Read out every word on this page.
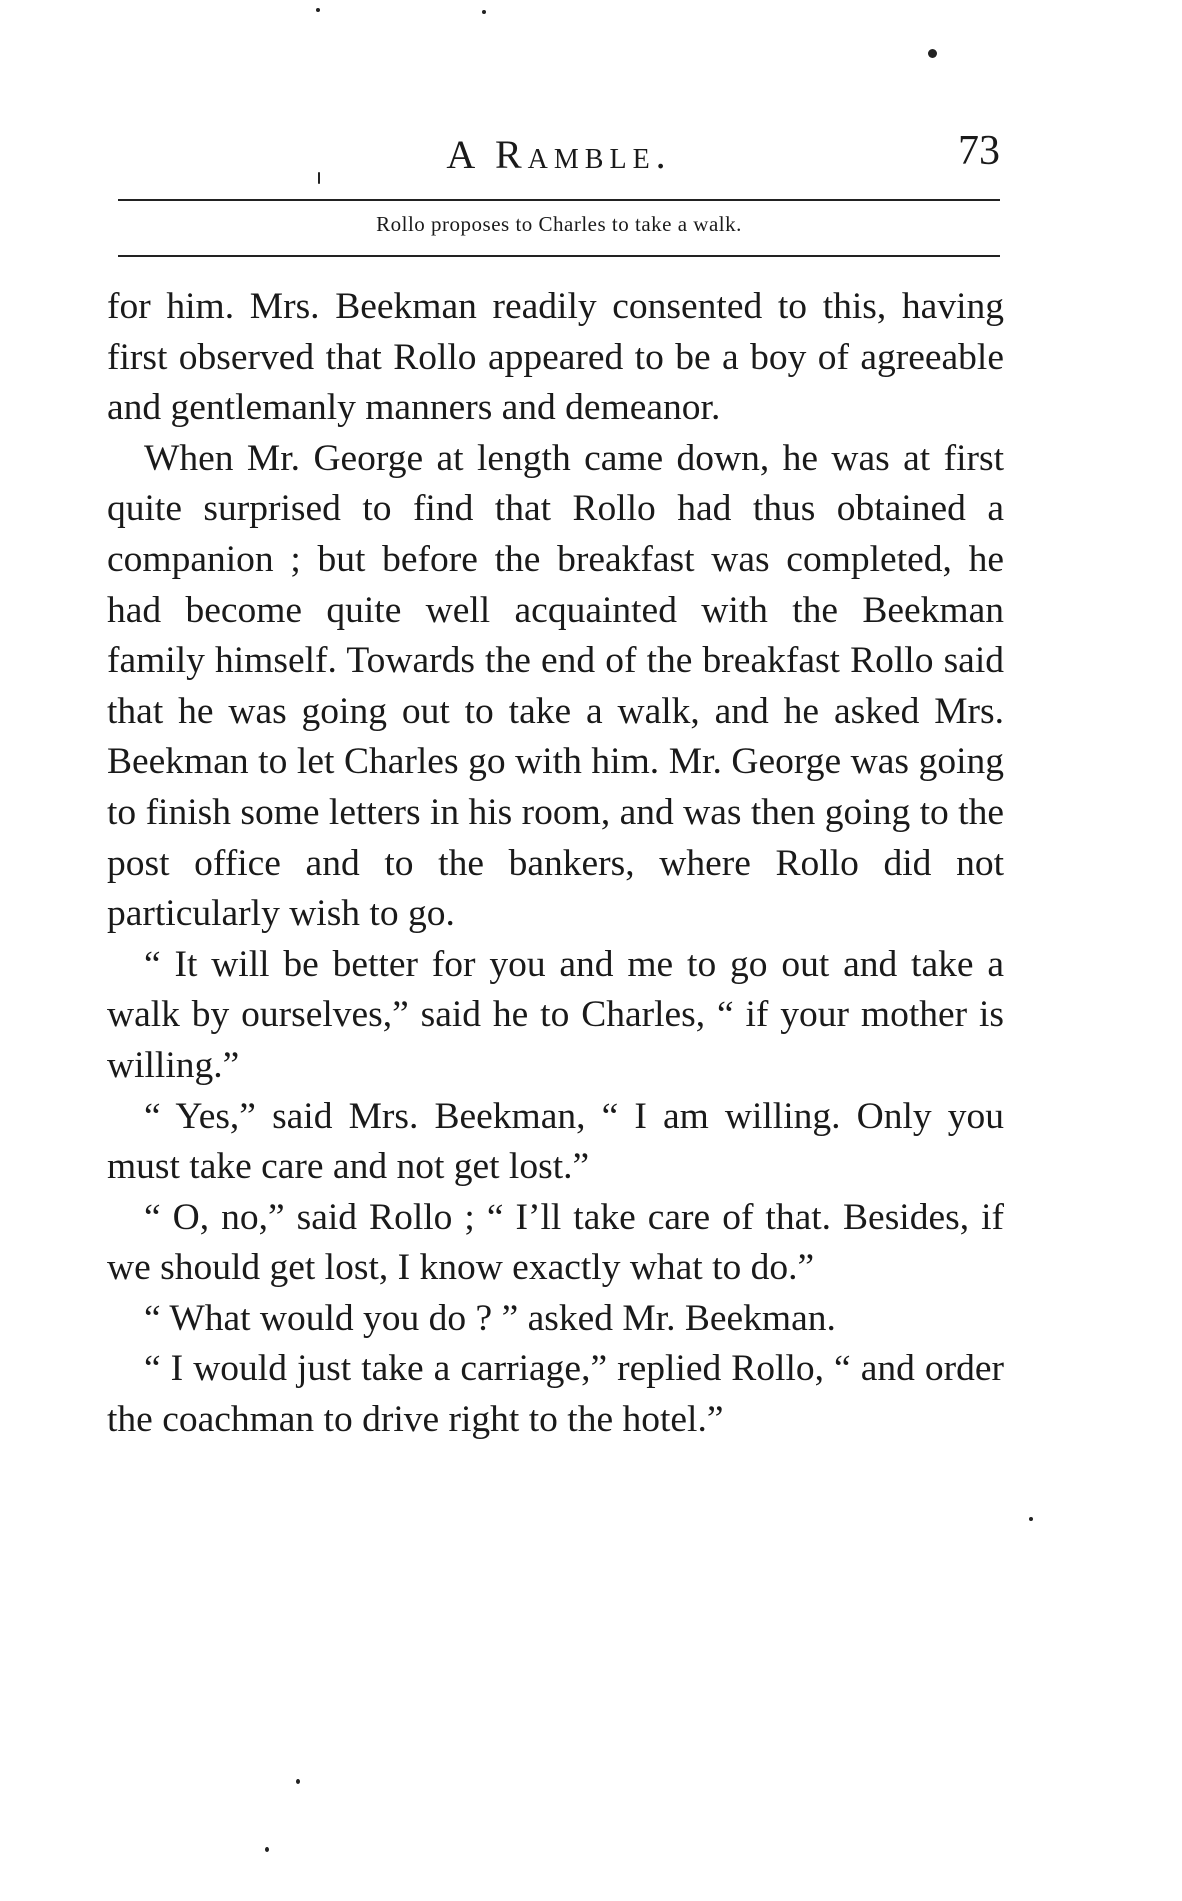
A Ramble.	73
Rollo proposes to Charles to take a walk.

for him. Mrs. Beekman readily consented to this, having first observed that Rollo appeared to be a boy of agreeable and gentlemanly manners and demeanor.

When Mr. George at length came down, he was at first quite surprised to find that Rollo had thus obtained a companion ; but before the breakfast was completed, he had become quite well acquainted with the Beekman family himself. Towards the end of the breakfast Rollo said that he was going out to take a walk, and he asked Mrs. Beekman to let Charles go with him. Mr. George was going to finish some letters in his room, and was then going to the post office and to the bankers, where Rollo did not particularly wish to go.

“ It will be better for you and me to go out and take a walk by ourselves,” said he to Charles, “ if your mother is willing.”

“ Yes,” said Mrs. Beekman, “ I am willing. Only you must take care and not get lost.”

“ O, no,” said Rollo ; “ I’ll take care of that. Besides, if we should get lost, I know exactly what to do.”

“ What would you do ? ” asked Mr. Beekman.

“ I would just take a carriage,” replied Rollo, “ and order the coachman to drive right to the hotel.”
